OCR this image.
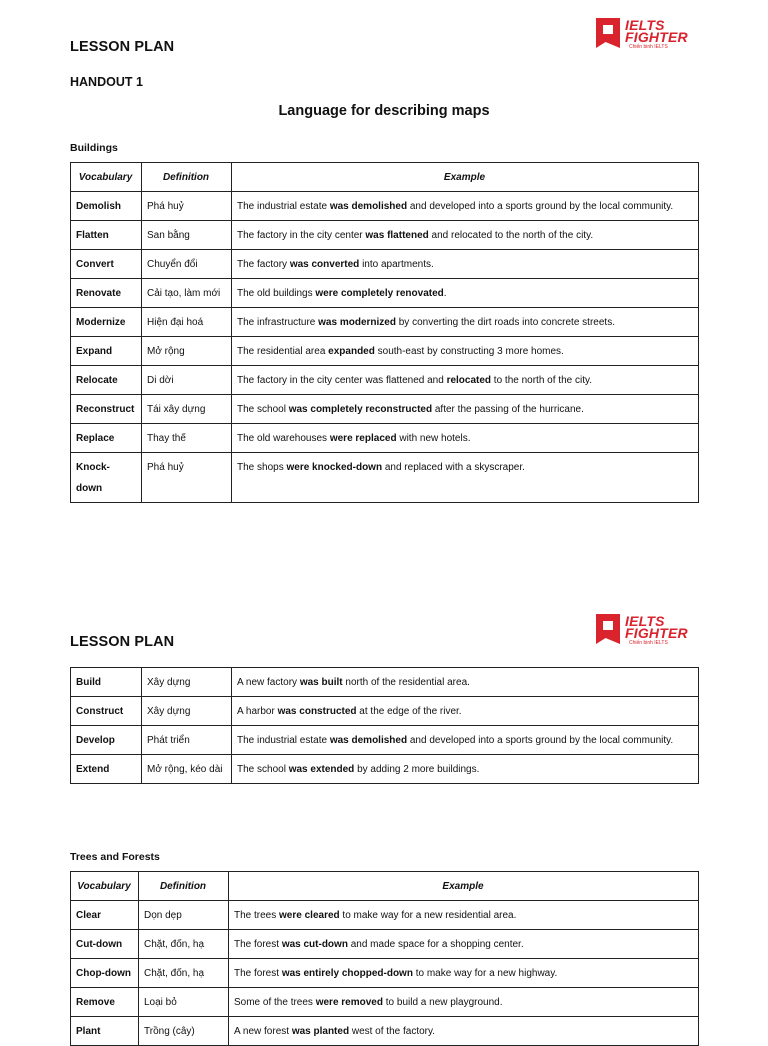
LESSON PLAN
IELTS
FIGHTER
Chiến binh IELTS
HANDOUT 1
Language for describing maps
Buildings
Vocabulary	Definition	Example
Demolish	Phá huỷ	The industrial estate was demolished and developed into a sports ground by the local community.
Flatten	San bằng	The factory in the city center was flattened and relocated to the north of the city.
Convert	Chuyển đổi	The factory was converted into apartments.
Renovate	Cải tạo, làm mới	The old buildings were completely renovated.
Modernize	Hiện đại hoá	The infrastructure was modernized by converting the dirt roads into concrete streets.
Expand	Mở rộng	The residential area expanded south-east by constructing 3 more homes.
Relocate	Di dời	The factory in the city center was flattened and relocated to the north of the city.
Reconstruct	Tái xây dựng	The school was completely reconstructed after the passing of the hurricane.
Replace	Thay thế	The old warehouses were replaced with new hotels.
Knock-down	Phá huỷ	The shops were knocked-down and replaced with a skyscraper.
LESSON PLAN
IELTS
FIGHTER
Chiến binh IELTS
Build	Xây dựng	A new factory was built north of the residential area.
Construct	Xây dựng	A harbor was constructed at the edge of the river.
Develop	Phát triển	The industrial estate was demolished and developed into a sports ground by the local community.
Extend	Mở rộng, kéo dài	The school was extended by adding 2 more buildings.
Trees and Forests
Vocabulary	Definition	Example
Clear	Dọn dẹp	The trees were cleared to make way for a new residential area.
Cut-down	Chặt, đốn, hạ	The forest was cut-down and made space for a shopping center.
Chop-down	Chặt, đốn, hạ	The forest was entirely chopped-down to make way for a new highway.
Remove	Loại bỏ	Some of the trees were removed to build a new playground.
Plant	Trồng (cây)	A new forest was planted west of the factory.
